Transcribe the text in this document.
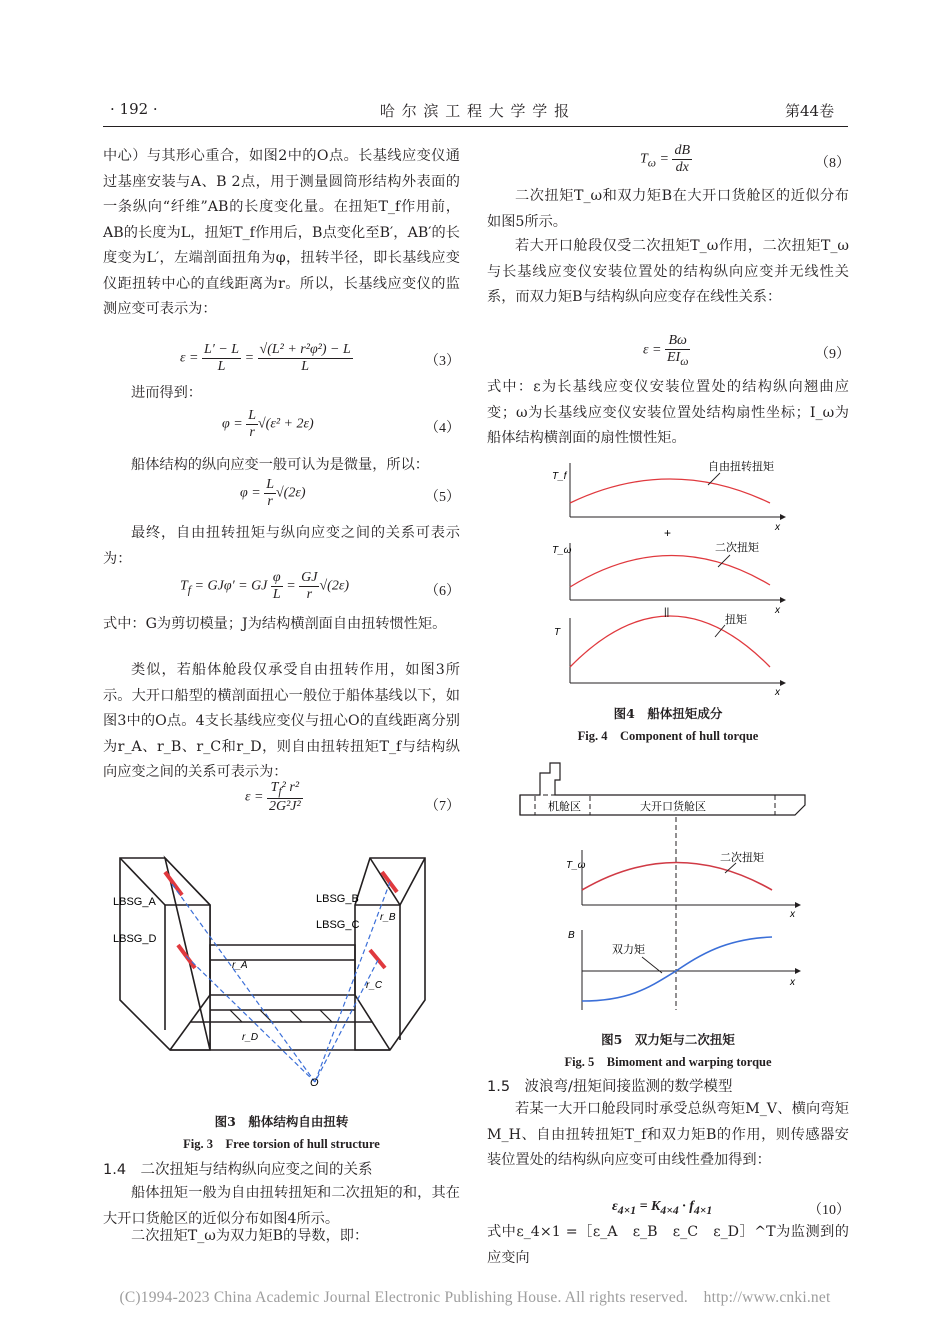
· 192 ·	哈 尔 滨 工 程 大 学 学 报	第44卷

中心）与其形心重合，如图2中的O点。长基线应变仪通过基座安装与A、B 2点，用于测量圆筒形结构外表面的一条纵向“纤维”AB的长度变化量。在扭矩T_f作用前，AB的长度为L，扭矩T_f作用后，B点变化至B′，AB′的长度变为L′，左端剖面扭角为φ，扭转半径，即长基线应变仪距扭转中心的直线距离为r。所以，长基线应变仪的监测应变可表示为：

$\varepsilon = \frac{L' - L}{L} = \frac{\text{√(L² + r²φ²) − L}}{L}$	（3）

进而得到：

$\varphi = \frac{L}{r} √(\varepsilon^2 + 2\varepsilon)$	（4）

船体结构的纵向应变一般可认为是微量，所以：

$\varphi = \frac{L}{r} √(2\varepsilon)$	（5）

最终，自由扭转扭矩与纵向应变之间的关系可表示为：

$T_f = GJ\varphi'$ = GJ $\frac{\varphi}{L} = \frac{GJ}{r} √(2\varepsilon)$	（6）

式中：G为剪切模量；J为结构横剖面自由扭转惯性矩。

类似，若船体舱段仅承受自由扭转作用，如图3所示。大开口船型的横剖面扭心一般位于船体基线以下，如图3中的O点。4支长基线应变仪与扭心O的直线距离分别为r_A、r_B、r_C和r_D，则自由扭转扭矩T_f与结构纵向应变之间的关系可表示为：

$\varepsilon = \frac{T_f^2 r^2}{\text{2G²J²}}$	（7）
LBSG_A
LBSG_D
LBSG_B
LBSG_C
r_A
r_B
r_C
r_D
O
图3　船体结构自由扭转
Fig. 3　Free torsion of hull structure
1.4　二次扭矩与结构纵向应变之间的关系

船体扭矩一般为自由扭转扭矩和二次扭矩的和，其在大开口货舱区的近似分布如图4所示。

二次扭矩T_ω为双力矩B的导数，即：

$T_\omega = \frac{dB}{dx}$	（8）

二次扭矩T_ω和双力矩B在大开口货舱区的近似分布如图5所示。

若大开口舱段仅受二次扭矩T_ω作用，二次扭矩T_ω与长基线应变仪安装位置处的结构纵向应变并无线性关系，而双力矩B与结构纵向应变存在线性关系：

$\varepsilon = \frac{B\omega}{EI_\omega}$	（9）

式中：ε为长基线应变仪安装位置处的结构纵向翘曲应变；ω为长基线应变仪安装位置处结构扇性坐标；I_ω为船体结构横剖面的扇性惯性矩。

自由扭转扭矩
二次扭矩
扭矩
T_f
T_ω
T
x
x
x
+
||
图4　船体扭矩成分
Fig. 4　Component of hull torque
机舱区	大开口货舱区
二次扭矩
双力矩
T_ω
B
x
x
图5　双力矩与二次扭矩
Fig. 5　Bimoment and warping torque
1.5　波浪弯/扭矩间接监测的数学模型

若某一大开口舱段同时承受总纵弯矩M_V、横向弯矩M_H、自由扭转扭矩T_f和双力矩B的作用，则传感器安装位置处的结构纵向应变可由线性叠加得到：

$\varepsilon_{4\times 1} = K_{4\times 4} \cdot f_{4\times 1}$	（10）

式中ε_4×1 =［ε_A　ε_B　ε_C　ε_D］^T为监测到的应变向

(C)1994-2023 China Academic Journal Electronic Publishing House. All rights reserved.　http://www.cnki.net
